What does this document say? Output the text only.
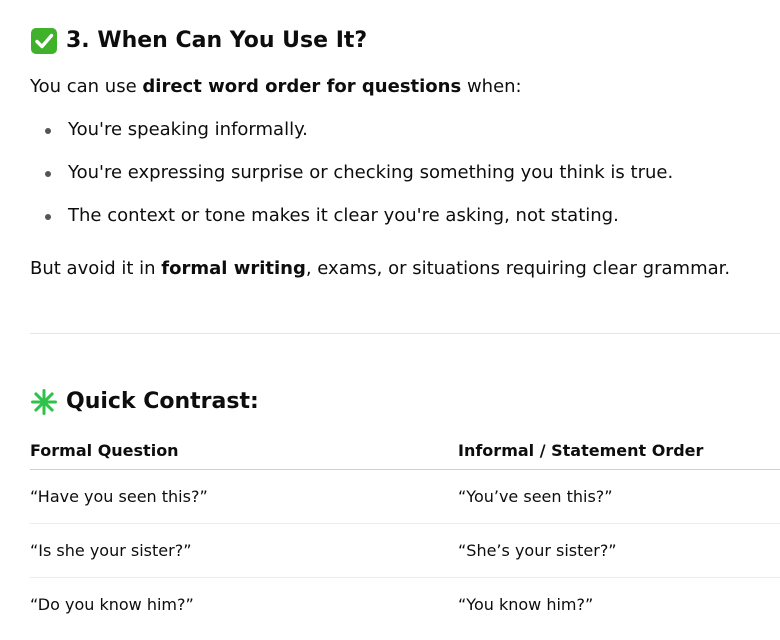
3. When Can You Use It?

You can use direct word order for questions when:

You're speaking informally.
You're expressing surprise or checking something you think is true.
The context or tone makes it clear you're asking, not stating.

But avoid it in formal writing, exams, or situations requiring clear grammar.

Quick Contrast:
Formal Question	Informal / Statement Order
“Have you seen this?”	“You’ve seen this?”
“Is she your sister?”	“She’s your sister?”
“Do you know him?”	“You know him?”
